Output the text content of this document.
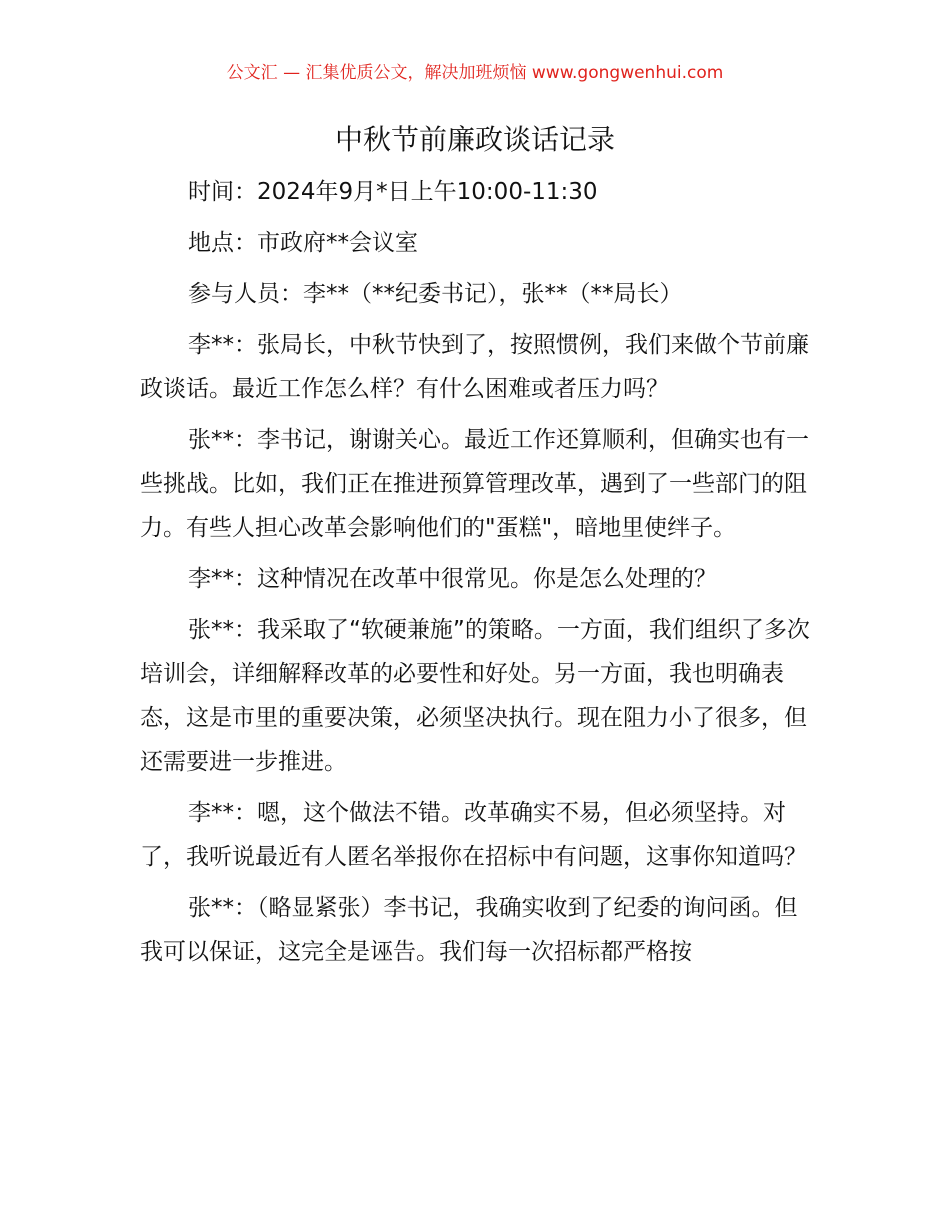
公文汇 — 汇集优质公文，解决加班烦恼 www.gongwenhui.com
中秋节前廉政谈话记录

时间：2024年9月*日上午10:00-11:30

地点：市政府**会议室

参与人员：李**（**纪委书记），张**（**局长）

李**：张局长，中秋节快到了，按照惯例，我们来做个节前廉政谈话。最近工作怎么样？有什么困难或者压力吗？

张**：李书记，谢谢关心。最近工作还算顺利，但确实也有一些挑战。比如，我们正在推进预算管理改革，遇到了一些部门的阻力。有些人担心改革会影响他们的"蛋糕"，暗地里使绊子。

李**：这种情况在改革中很常见。你是怎么处理的？

张**：我采取了“软硬兼施”的策略。一方面，我们组织了多次培训会，详细解释改革的必要性和好处。另一方面，我也明确表态，这是市里的重要决策，必须坚决执行。现在阻力小了很多，但还需要进一步推进。

李**：嗯，这个做法不错。改革确实不易，但必须坚持。对了，我听说最近有人匿名举报你在招标中有问题，这事你知道吗？

张**：（略显紧张）李书记，我确实收到了纪委的询问函。但我可以保证，这完全是诬告。我们每一次招标都严格按
